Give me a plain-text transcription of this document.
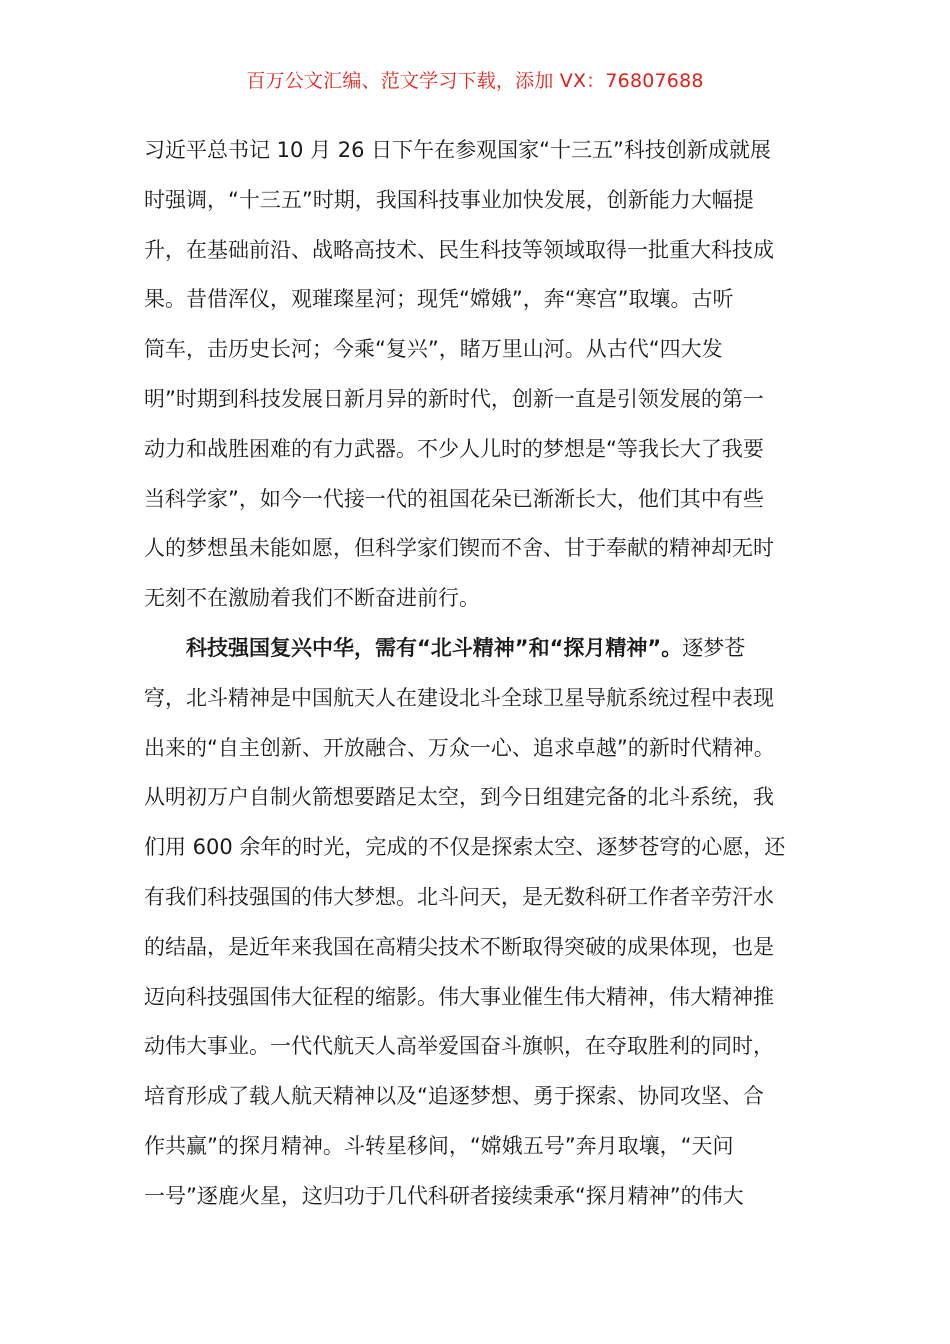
百万公文汇编、范文学习下载，添加 VX：76807688
习近平总书记 10 月 26 日下午在参观国家“十三五”科技创新成就展
时强调，“十三五”时期，我国科技事业加快发展，创新能力大幅提
升，在基础前沿、战略高技术、民生科技等领域取得一批重大科技成
果。昔借浑仪，观璀璨星河；现凭“嫦娥”，奔“寒宫”取壤。古听
筒车，击历史长河；今乘“复兴”，睹万里山河。从古代“四大发
明”时期到科技发展日新月异的新时代，创新一直是引领发展的第一
动力和战胜困难的有力武器。不少人儿时的梦想是“等我长大了我要
当科学家”，如今一代接一代的祖国花朵已渐渐长大，他们其中有些
人的梦想虽未能如愿，但科学家们锲而不舍、甘于奉献的精神却无时
无刻不在激励着我们不断奋进前行。
科技强国复兴中华，需有“北斗精神”和“探月精神”。逐梦苍
穹，北斗精神是中国航天人在建设北斗全球卫星导航系统过程中表现
出来的“自主创新、开放融合、万众一心、追求卓越”的新时代精神。
从明初万户自制火箭想要踏足太空，到今日组建完备的北斗系统，我
们用 600 余年的时光，完成的不仅是探索太空、逐梦苍穹的心愿，还
有我们科技强国的伟大梦想。北斗问天，是无数科研工作者辛劳汗水
的结晶，是近年来我国在高精尖技术不断取得突破的成果体现，也是
迈向科技强国伟大征程的缩影。伟大事业催生伟大精神，伟大精神推
动伟大事业。一代代航天人高举爱国奋斗旗帜，在夺取胜利的同时，
培育形成了载人航天精神以及“追逐梦想、勇于探索、协同攻坚、合
作共赢”的探月精神。斗转星移间，“嫦娥五号”奔月取壤，“天问
一号”逐鹿火星，这归功于几代科研者接续秉承“探月精神”的伟大
